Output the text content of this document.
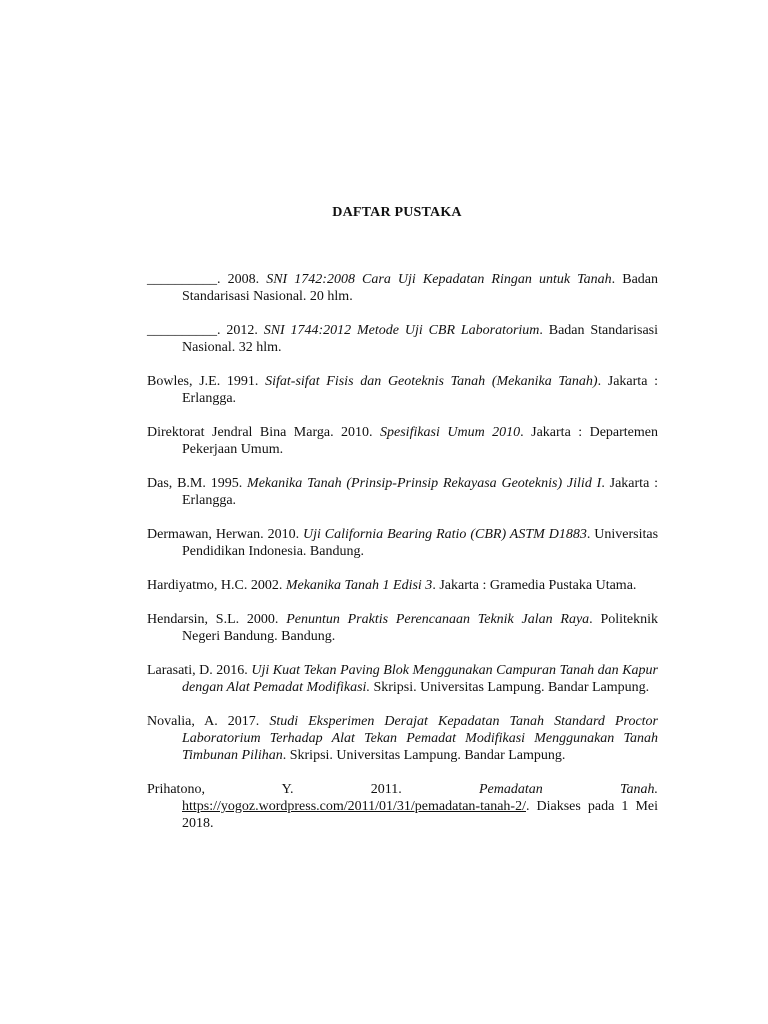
DAFTAR PUSTAKA

__________. 2008. SNI 1742:2008 Cara Uji Kepadatan Ringan untuk Tanah. Badan Standarisasi Nasional. 20 hlm.

__________. 2012. SNI 1744:2012 Metode Uji CBR Laboratorium. Badan Standarisasi Nasional. 32 hlm.

Bowles, J.E. 1991. Sifat-sifat Fisis dan Geoteknis Tanah (Mekanika Tanah). Jakarta : Erlangga.

Direktorat Jendral Bina Marga. 2010. Spesifikasi Umum 2010. Jakarta : Departemen Pekerjaan Umum.

Das, B.M. 1995. Mekanika Tanah (Prinsip-Prinsip Rekayasa Geoteknis) Jilid I. Jakarta : Erlangga.

Dermawan, Herwan. 2010. Uji California Bearing Ratio (CBR) ASTM D1883. Universitas Pendidikan Indonesia. Bandung.

Hardiyatmo, H.C. 2002. Mekanika Tanah 1 Edisi 3. Jakarta : Gramedia Pustaka Utama.

Hendarsin, S.L. 2000. Penuntun Praktis Perencanaan Teknik Jalan Raya. Politeknik Negeri Bandung. Bandung.

Larasati, D. 2016. Uji Kuat Tekan Paving Blok Menggunakan Campuran Tanah dan Kapur dengan Alat Pemadat Modifikasi. Skripsi. Universitas Lampung. Bandar Lampung.

Novalia, A. 2017. Studi Eksperimen Derajat Kepadatan Tanah Standard Proctor Laboratorium Terhadap Alat Tekan Pemadat Modifikasi Menggunakan Tanah Timbunan Pilihan. Skripsi. Universitas Lampung. Bandar Lampung.

Prihatono, Y. 2011. Pemadatan Tanah. https://yogoz.wordpress.com/2011/01/31/pemadatan-tanah-2/. Diakses pada 1 Mei 2018.
